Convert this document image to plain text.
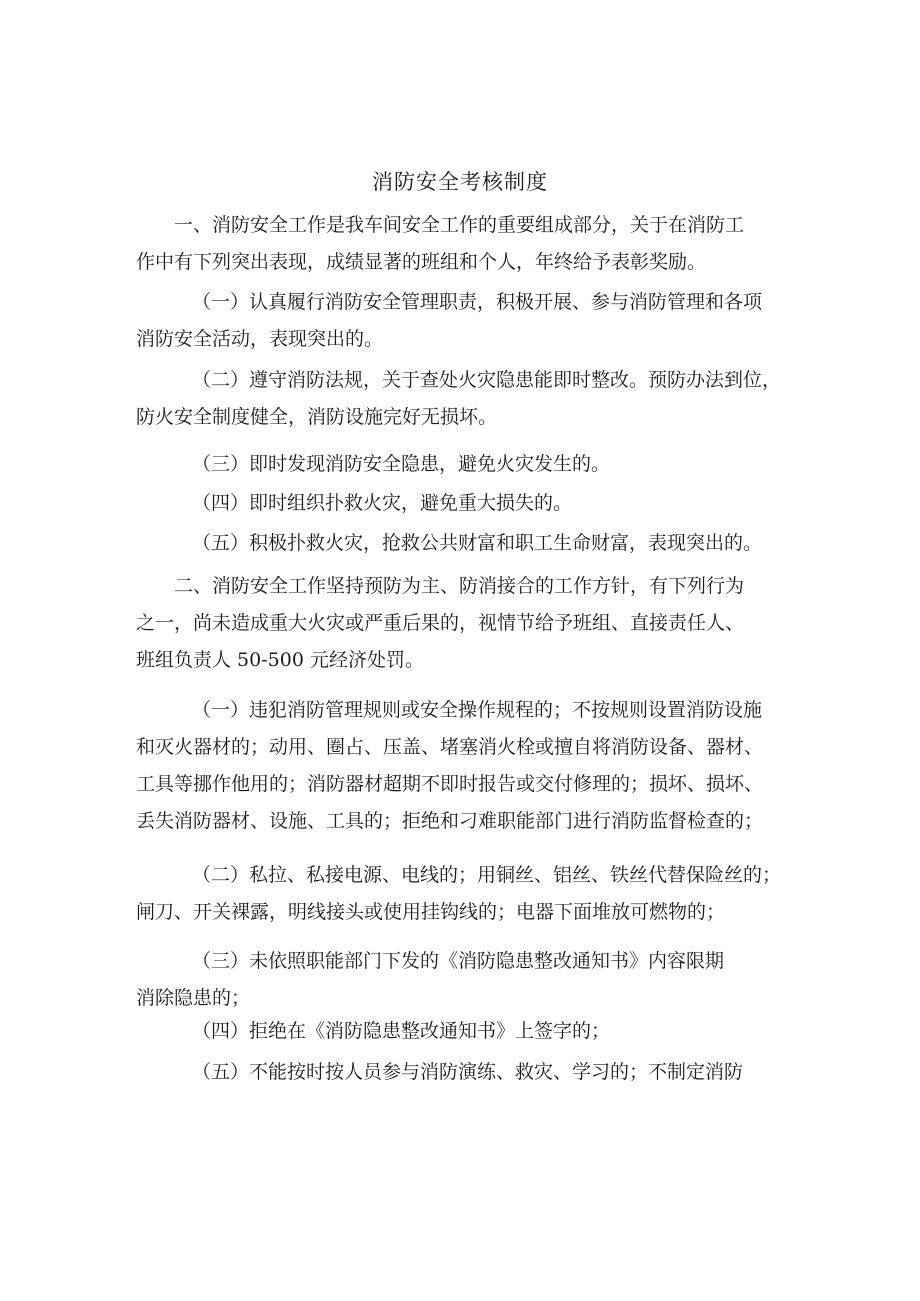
消防安全考核制度
一、消防安全工作是我车间安全工作的重要组成部分，关于在消防工
作中有下列突出表现，成绩显著的班组和个人，年终给予表彰奖励。
（一）认真履行消防安全管理职责，积极开展、参与消防管理和各项
消防安全活动，表现突出的。
（二）遵守消防法规，关于查处火灾隐患能即时整改。预防办法到位，
防火安全制度健全，消防设施完好无损坏。
（三）即时发现消防安全隐患，避免火灾发生的。
（四）即时组织扑救火灾，避免重大损失的。
（五）积极扑救火灾，抢救公共财富和职工生命财富，表现突出的。
二、消防安全工作坚持预防为主、防消接合的工作方针，有下列行为
之一，尚未造成重大火灾或严重后果的，视情节给予班组、直接责任人、
班组负责人 50-500 元经济处罚。
（一）违犯消防管理规则或安全操作规程的；不按规则设置消防设施
和灭火器材的；动用、圈占、压盖、堵塞消火栓或擅自将消防设备、器材、
工具等挪作他用的；消防器材超期不即时报告或交付修理的；损坏、损坏、
丢失消防器材、设施、工具的；拒绝和刁难职能部门进行消防监督检查的；
（二）私拉、私接电源、电线的；用铜丝、铝丝、铁丝代替保险丝的；
闸刀、开关裸露，明线接头或使用挂钩线的；电器下面堆放可燃物的；
（三）未依照职能部门下发的《消防隐患整改通知书》内容限期
消除隐患的；
（四）拒绝在《消防隐患整改通知书》上签字的；
（五）不能按时按人员参与消防演练、救灾、学习的；不制定消防
